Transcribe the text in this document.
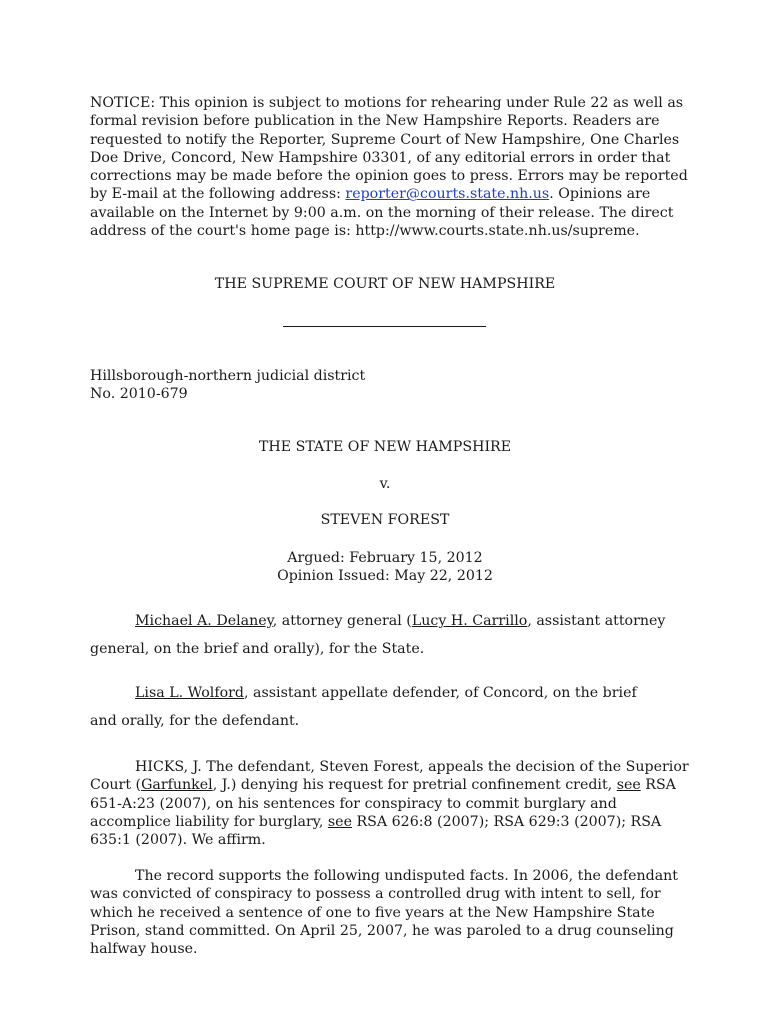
NOTICE: This opinion is subject to motions for rehearing under Rule 22 as well as formal revision before publication in the New Hampshire Reports. Readers are requested to notify the Reporter, Supreme Court of New Hampshire, One Charles Doe Drive, Concord, New Hampshire 03301, of any editorial errors in order that corrections may be made before the opinion goes to press. Errors may be reported by E-mail at the following address: reporter@courts.state.nh.us. Opinions are available on the Internet by 9:00 a.m. on the morning of their release. The direct address of the court's home page is: http://www.courts.state.nh.us/supreme.
THE SUPREME COURT OF NEW HAMPSHIRE
Hillsborough-northern judicial district
No. 2010-679
THE STATE OF NEW HAMPSHIRE
v.
STEVEN FOREST
Argued: February 15, 2012
Opinion Issued: May 22, 2012
Michael A. Delaney, attorney general (Lucy H. Carrillo, assistant attorney general, on the brief and orally), for the State.
Lisa L. Wolford, assistant appellate defender, of Concord, on the brief and orally, for the defendant.
HICKS, J. The defendant, Steven Forest, appeals the decision of the Superior Court (Garfunkel, J.) denying his request for pretrial confinement credit, see RSA 651-A:23 (2007), on his sentences for conspiracy to commit burglary and accomplice liability for burglary, see RSA 626:8 (2007); RSA 629:3 (2007); RSA 635:1 (2007). We affirm.
The record supports the following undisputed facts. In 2006, the defendant was convicted of conspiracy to possess a controlled drug with intent to sell, for which he received a sentence of one to five years at the New Hampshire State Prison, stand committed. On April 25, 2007, he was paroled to a drug counseling halfway house.
